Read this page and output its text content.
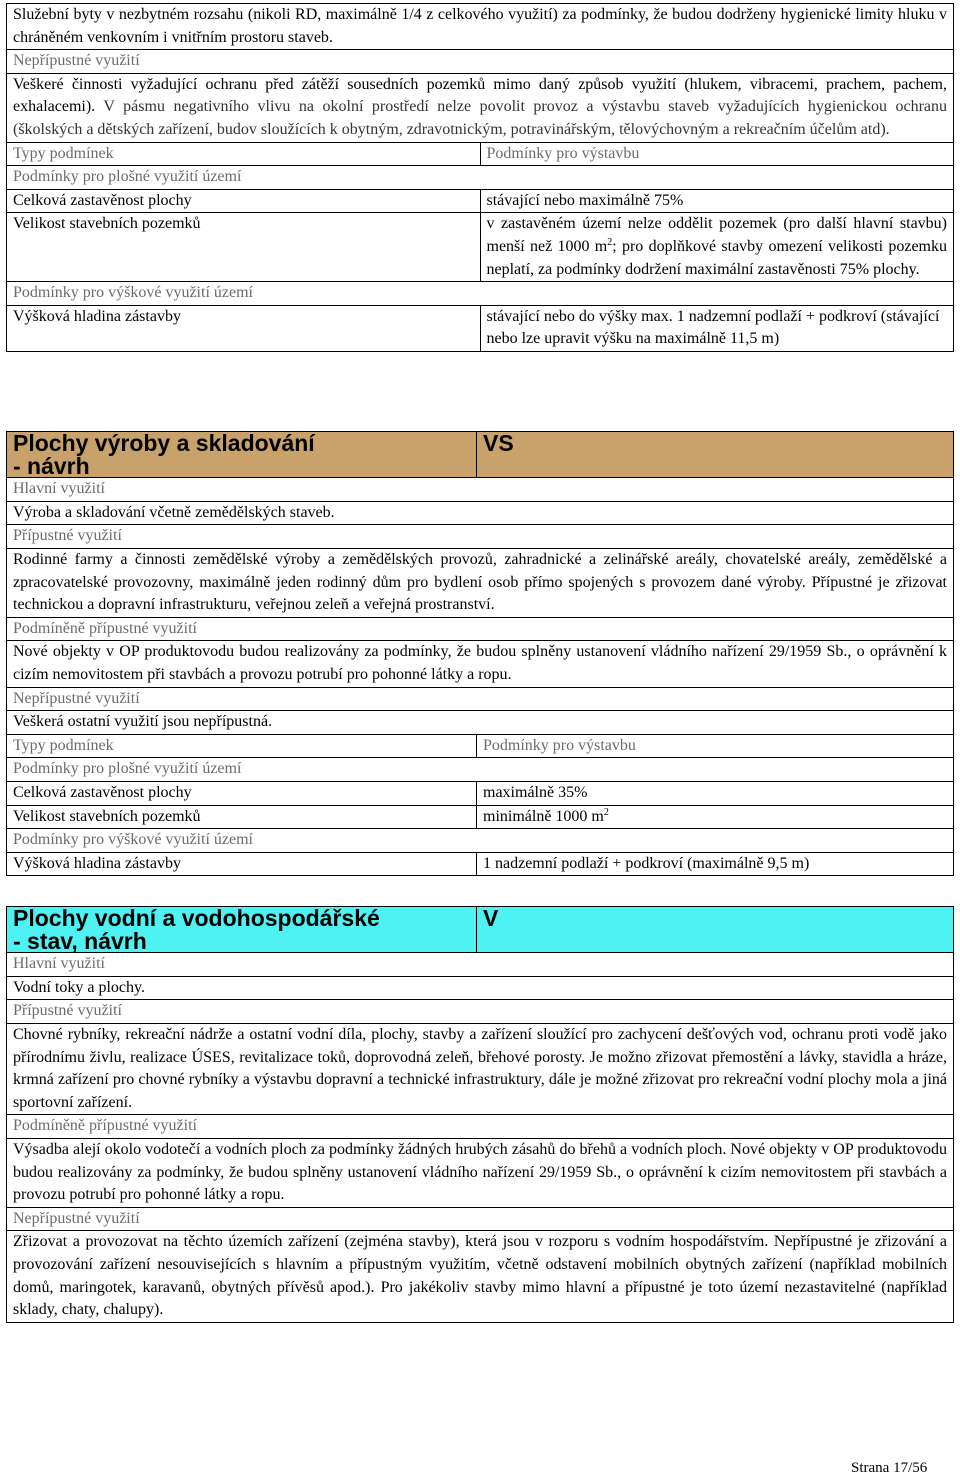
Služební byty v nezbytném rozsahu (nikoli RD, maximálně 1/4 z celkového využití) za podmínky, že budou dodrženy hygienické limity hluku v chráněném venkovním i vnitřním prostoru staveb.	
Nepřípustné využití	
Veškeré činnosti vyžadující ochranu před zátěží sousedních pozemků mimo daný způsob využití (hlukem, vibracemi, prachem, pachem, exhalacemi). V pásmu negativního vlivu na okolní prostředí nelze povolit provoz a výstavbu staveb vyžadujících hygienickou ochranu (školských a dětských zařízení, budov sloužících k obytným, zdravotnickým, potravinářským, tělovýchovným a rekreačním účelům atd).	
Typy podmínek	Podmínky pro výstavbu
Podmínky pro plošné využití území	
Celková zastavěnost plochy	stávající nebo maximálně 75%
Velikost stavebních pozemků	v zastavěném území nelze oddělit pozemek (pro další hlavní stavbu) menší než 1000 $m^2$; pro doplňkové stavby omezení velikosti pozemku neplatí, za podmínky dodržení maximální zastavěnosti 75% plochy.
Podmínky pro výškové využití území	
Výšková hladina zástavby	stávající nebo do výšky max. 1 nadzemní podlaží + podkroví (stávající nebo lze upravit výšku na maximálně 11,5 m)
Plochy výroby a skladování
- návrh	VS
Hlavní využití	
Výroba a skladování včetně zemědělských staveb.	
Přípustné využití	
Rodinné farmy a činnosti zemědělské výroby a zemědělských provozů, zahradnické a zelinářské areály, chovatelské areály, zemědělské a zpracovatelské provozovny, maximálně jeden rodinný dům pro bydlení osob přímo spojených s provozem dané výroby. Přípustné je zřizovat technickou a dopravní infrastrukturu, veřejnou zeleň a veřejná prostranství.	
Podmíněně přípustné využití	
Nové objekty v OP produktovodu budou realizovány za podmínky, že budou splněny ustanovení vládního nařízení 29/1959 Sb., o oprávnění k cizím nemovitostem při stavbách a provozu potrubí pro pohonné látky a ropu.	
Nepřípustné využití	
Veškerá ostatní využití jsou nepřípustná.	
Typy podmínek	Podmínky pro výstavbu
Podmínky pro plošné využití území	
Celková zastavěnost plochy	maximálně 35%
Velikost stavebních pozemků	minimálně 1000 $m^2$
Podmínky pro výškové využití území	
Výšková hladina zástavby	1 nadzemní podlaží + podkroví (maximálně 9,5 m)
Plochy vodní a vodohospodářské
- stav, návrh	V
Hlavní využití
Vodní toky a plochy.
Přípustné využití
Chovné rybníky, rekreační nádrže a ostatní vodní díla, plochy, stavby a zařízení sloužící pro zachycení dešťových vod, ochranu proti vodě jako přírodnímu živlu, realizace ÚSES, revitalizace toků, doprovodná zeleň, břehové porosty. Je možno zřizovat přemostění a lávky, stavidla a hráze, krmná zařízení pro chovné rybníky a výstavbu dopravní a technické infrastruktury, dále je možné zřizovat pro rekreační vodní plochy mola a jiná sportovní zařízení.
Podmíněně přípustné využití
Výsadba alejí okolo vodotečí a vodních ploch za podmínky žádných hrubých zásahů do břehů a vodních ploch. Nové objekty v OP produktovodu budou realizovány za podmínky, že budou splněny ustanovení vládního nařízení 29/1959 Sb., o oprávnění k cizím nemovitostem při stavbách a provozu potrubí pro pohonné látky a ropu.
Nepřípustné využití
Zřizovat a provozovat na těchto územích zařízení (zejména stavby), která jsou v rozporu s vodním hospodářstvím. Nepřípustné je zřizování a provozování zařízení nesouvisejících s hlavním a přípustným využitím, včetně odstavení mobilních obytných zařízení (například mobilních domů, maringotek, karavanů, obytných přívěsů apod.). Pro jakékoliv stavby mimo hlavní a přípustné je toto území nezastavitelné (například sklady, chaty, chalupy).
Strana 17/56
